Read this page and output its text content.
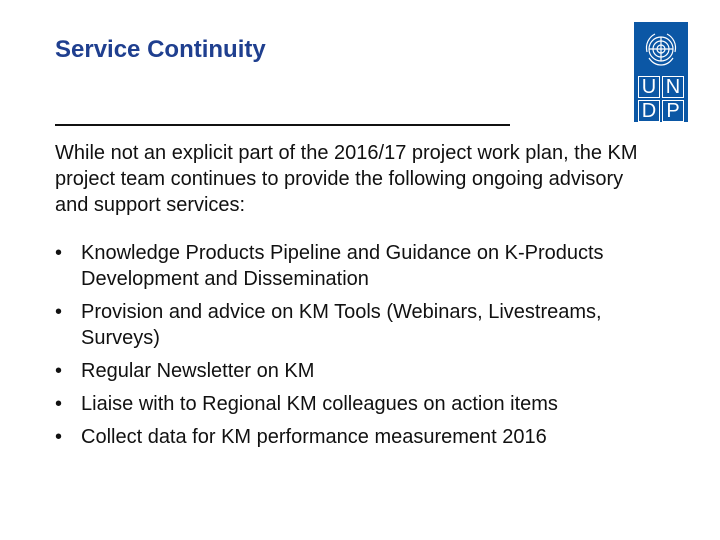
Service Continuity
U N
D P
While not an explicit part of the 2016/17 project work plan, the KM project team continues to provide the following ongoing advisory and support services:
• Knowledge Products Pipeline and Guidance on K-Products Development and Dissemination
• Provision and advice on KM Tools (Webinars, Livestreams, Surveys)
• Regular Newsletter on KM
• Liaise with to Regional KM colleagues on action items
• Collect data for KM performance measurement 2016
